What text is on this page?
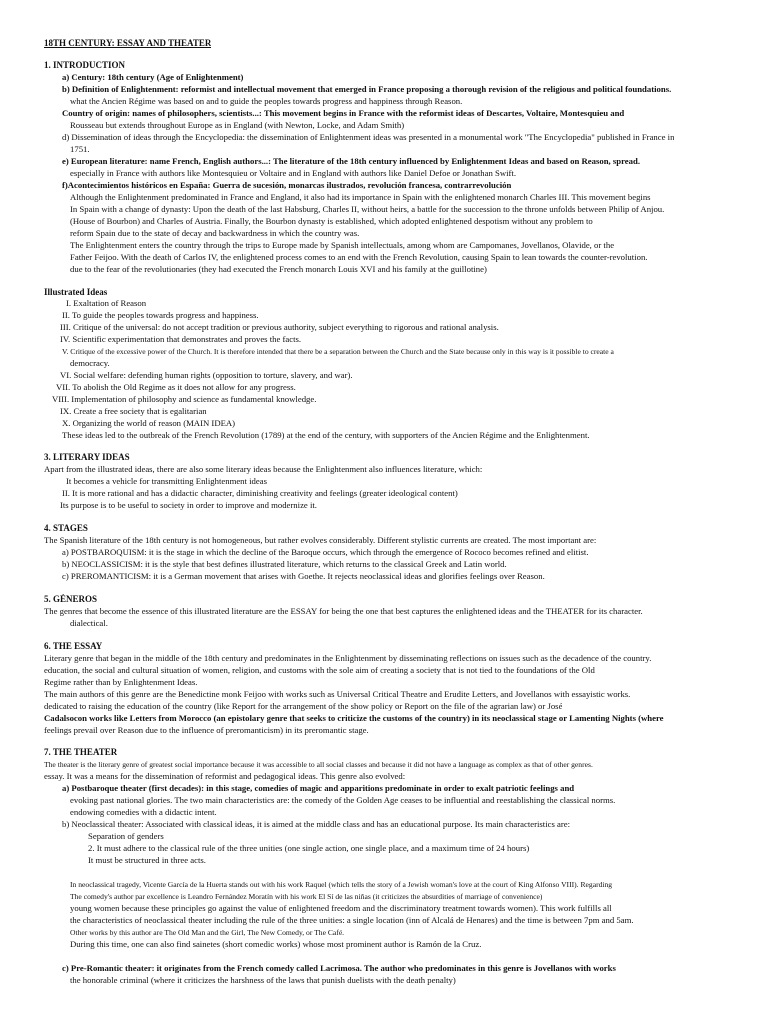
18TH CENTURY: ESSAY AND THEATER
1. INTRODUCTION
a) Century: 18th century (Age of Enlightenment)
b) Definition of Enlightenment: reformist and intellectual movement that emerged in France proposing a thorough revision of the religious and political foundations.
what the Ancien Régime was based on and to guide the peoples towards progress and happiness through Reason.
Country of origin: names of philosophers, scientists...: This movement begins in France with the reformist ideas of Descartes, Voltaire, Montesquieu and
Rousseau but extends throughout Europe as in England (with Newton, Locke, and Adam Smith)
d) Dissemination of ideas through the Encyclopedia: the dissemination of Enlightenment ideas was presented in a monumental work "The Encyclopedia" published in France in
1751.
e) European literature: name French, English authors...: The literature of the 18th century influenced by Enlightenment Ideas and based on Reason, spread.
especially in France with authors like Montesquieu or Voltaire and in England with authors like Daniel Defoe or Jonathan Swift.
f)Acontecimientos históricos en España: Guerra de sucesión, monarcas ilustrados, revolución francesa, contrarrevolución
Although the Enlightenment predominated in France and England, it also had its importance in Spain with the enlightened monarch Charles III. This movement begins
In Spain with a change of dynasty: Upon the death of the last Habsburg, Charles II, without heirs, a battle for the succession to the throne unfolds between Philip of Anjou.
(House of Bourbon) and Charles of Austria. Finally, the Bourbon dynasty is established, which adopted enlightened despotism without any problem to
reform Spain due to the state of decay and backwardness in which the country was.
The Enlightenment enters the country through the trips to Europe made by Spanish intellectuals, among whom are Campomanes, Jovellanos, Olavide, or the
Father Feijoo. With the death of Carlos IV, the enlightened process comes to an end with the French Revolution, causing Spain to lean towards the counter-revolution.
due to the fear of the revolutionaries (they had executed the French monarch Louis XVI and his family at the guillotine)
Illustrated Ideas
I. Exaltation of Reason
II. To guide the peoples towards progress and happiness.
III. Critique of the universal: do not accept tradition or previous authority, subject everything to rigorous and rational analysis.
IV. Scientific experimentation that demonstrates and proves the facts.
V. Critique of the excessive power of the Church. It is therefore intended that there be a separation between the Church and the State because only in this way is it possible to create a
democracy.
VI. Social welfare: defending human rights (opposition to torture, slavery, and war).
VII. To abolish the Old Regime as it does not allow for any progress.
VIII. Implementation of philosophy and science as fundamental knowledge.
IX. Create a free society that is egalitarian
X. Organizing the world of reason (MAIN IDEA)
These ideas led to the outbreak of the French Revolution (1789) at the end of the century, with supporters of the Ancien Régime and the Enlightenment.
3. LITERARY IDEAS
Apart from the illustrated ideas, there are also some literary ideas because the Enlightenment also influences literature, which:
It becomes a vehicle for transmitting Enlightenment ideas
II. It is more rational and has a didactic character, diminishing creativity and feelings (greater ideological content)
Its purpose is to be useful to society in order to improve and modernize it.
4. STAGES
The Spanish literature of the 18th century is not homogeneous, but rather evolves considerably. Different stylistic currents are created. The most important are:
a) POSTBAROQUISM: it is the stage in which the decline of the Baroque occurs, which through the emergence of Rococo becomes refined and elitist.
b) NEOCLASSICISM: it is the style that best defines illustrated literature, which returns to the classical Greek and Latin world.
c) PREROMANTICISM: it is a German movement that arises with Goethe. It rejects neoclassical ideas and glorifies feelings over Reason.
5. GÉNEROS
The genres that become the essence of this illustrated literature are the ESSAY for being the one that best captures the enlightened ideas and the THEATER for its character.
dialectical.
6. THE ESSAY
Literary genre that began in the middle of the 18th century and predominates in the Enlightenment by disseminating reflections on issues such as the decadence of the country.
education, the social and cultural situation of women, religion, and customs with the sole aim of creating a society that is not tied to the foundations of the Old
Regime rather than by Enlightenment Ideas.
The main authors of this genre are the Benedictine monk Feijoo with works such as Universal Critical Theatre and Erudite Letters, and Jovellanos with essayistic works.
dedicated to raising the education of the country (like Report for the arrangement of the show policy or Report on the file of the agrarian law) or José
Cadalsocon works like Letters from Morocco (an epistolary genre that seeks to criticize the customs of the country) in its neoclassical stage or Lamenting Nights (where
feelings prevail over Reason due to the influence of preromanticism) in its preromantic stage.
7. THE THEATER
The theater is the literary genre of greatest social importance because it was accessible to all social classes and because it did not have a language as complex as that of other genres.
essay. It was a means for the dissemination of reformist and pedagogical ideas. This genre also evolved:
a) Postbaroque theater (first decades): in this stage, comedies of magic and apparitions predominate in order to exalt patriotic feelings and
evoking past national glories. The two main characteristics are: the comedy of the Golden Age ceases to be influential and reestablishing the classical norms.
endowing comedies with a didactic intent.
b) Neoclassical theater: Associated with classical ideas, it is aimed at the middle class and has an educational purpose. Its main characteristics are:
Separation of genders
2. It must adhere to the classical rule of the three unities (one single action, one single place, and a maximum time of 24 hours)
It must be structured in three acts.
In neoclassical tragedy, Vicente García de la Huerta stands out with his work Raquel (which tells the story of a Jewish woman's love at the court of King Alfonso VIII). Regarding
The comedy's author par excellence is Leandro Fernández Moratín with his work El Sí de las niñas (it criticizes the absurdities of marriage of convenience)
young women because these principles go against the value of enlightened freedom and the discriminatory treatment towards women). This work fulfills all
the characteristics of neoclassical theater including the rule of the three unities: a single location (inn of Alcalá de Henares) and the time is between 7pm and 5am.
Other works by this author are The Old Man and the Girl, The New Comedy, or The Café.
During this time, one can also find sainetes (short comedic works) whose most prominent author is Ramón de la Cruz.
c) Pre-Romantic theater: it originates from the French comedy called Lacrimosa. The author who predominates in this genre is Jovellanos with works
the honorable criminal (where it criticizes the harshness of the laws that punish duelists with the death penalty)
